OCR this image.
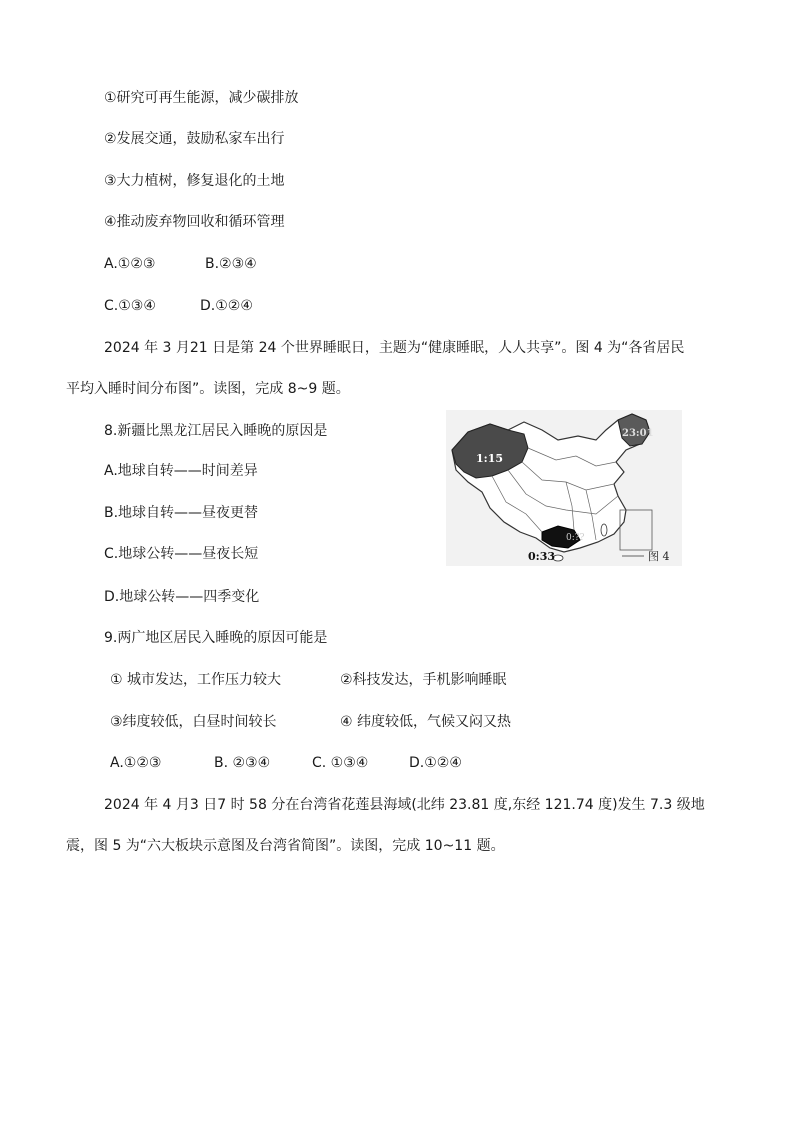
①研究可再生能源，减少碳排放
②发展交通，鼓励私家车出行
③大力植树，修复退化的土地
④推动废弃物回收和循环管理
A.①②③	B.②③④
C.①③④	D.①②④
2024 年 3 月21 日是第 24 个世界睡眠日，主题为“健康睡眠，人人共享”。图 4 为“各省居民
平均入睡时间分布图”。读图，完成 8~9 题。
8.新疆比黑龙江居民入睡晚的原因是
A.地球自转——时间差异
B.地球自转——昼夜更替
C.地球公转——昼夜长短
D.地球公转——四季变化
1:15
23:01
0:??
0:33	图 4
9.两广地区居民入睡晚的原因可能是
① 城市发达，工作压力较大	②科技发达，手机影响睡眠
③纬度较低，白昼时间较长	④ 纬度较低，气候又闷又热
A.①②③	B. ②③④	C. ①③④	D.①②④
2024 年 4 月3 日7 时 58 分在台湾省花莲县海域(北纬 23.81 度,东经 121.74 度)发生 7.3 级地
震，图 5 为“六大板块示意图及台湾省简图”。读图，完成 10~11 题。
